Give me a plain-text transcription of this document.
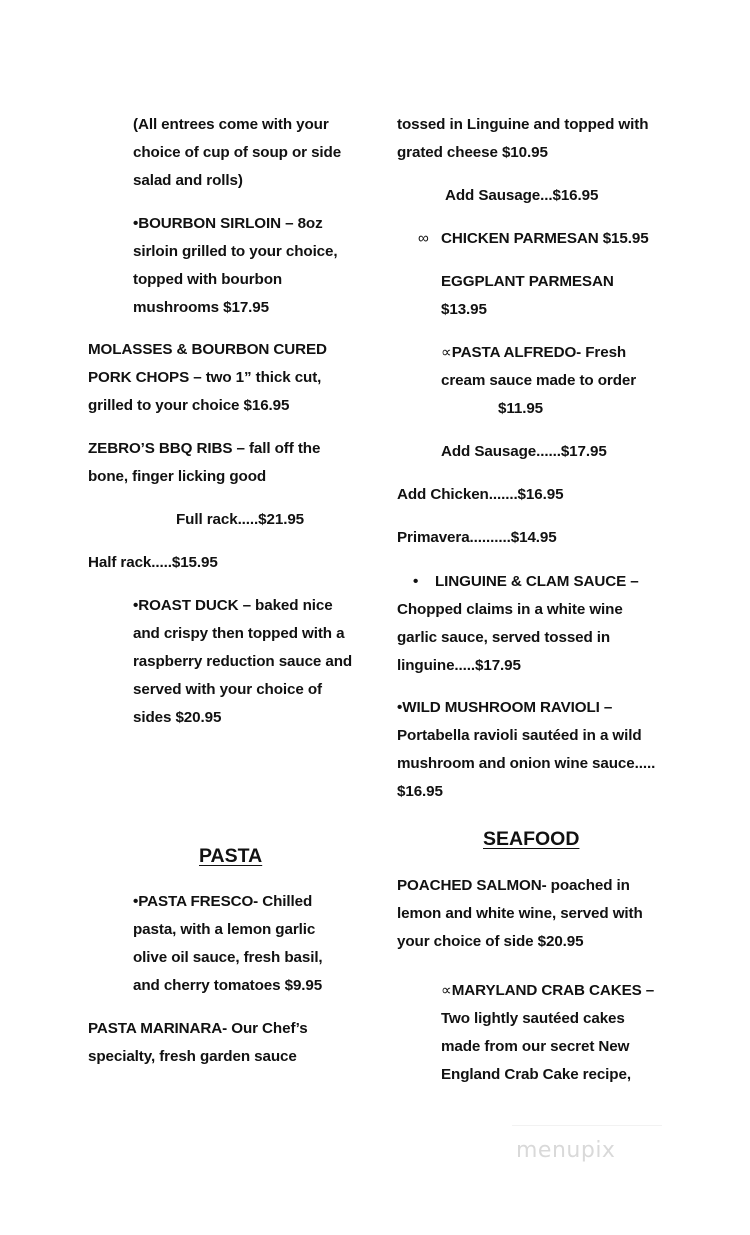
(All entrees come with your choice of cup of soup or side salad and rolls)

•BOURBON SIRLOIN – 8oz sirloin grilled to your choice, topped with bourbon mushrooms $17.95

MOLASSES & BOURBON CURED PORK CHOPS – two 1” thick cut, grilled to your choice $16.95

ZEBRO’S BBQ RIBS – fall off the bone, finger licking good

Full rack.....$21.95

Half rack.....$15.95

•ROAST DUCK – baked nice and crispy then topped with a raspberry reduction sauce and served with your choice of sides $20.95

PASTA

•PASTA FRESCO- Chilled pasta, with a lemon garlic olive oil sauce, fresh basil, and cherry tomatoes $9.95

PASTA MARINARA- Our Chef’s specialty, fresh garden sauce

tossed in Linguine and topped with grated cheese $10.95

Add Sausage...$16.95

∞ CHICKEN PARMESAN $15.95

EGGPLANT PARMESAN $13.95

∝PASTA ALFREDO- Fresh cream sauce made to order

$11.95

Add Sausage......$17.95

Add Chicken.......$16.95

Primavera..........$14.95

• LINGUINE & CLAM SAUCE –

Chopped claims in a white wine garlic sauce, served tossed in linguine.....$17.95

•WILD MUSHROOM RAVIOLI – Portabella ravioli sautéed in a wild mushroom and onion wine sauce..... $16.95

SEAFOOD

POACHED SALMON- poached in lemon and white wine, served with your choice of side $20.95

∝MARYLAND CRAB CAKES – Two lightly sautéed cakes made from our secret New England Crab Cake recipe,

menupix
